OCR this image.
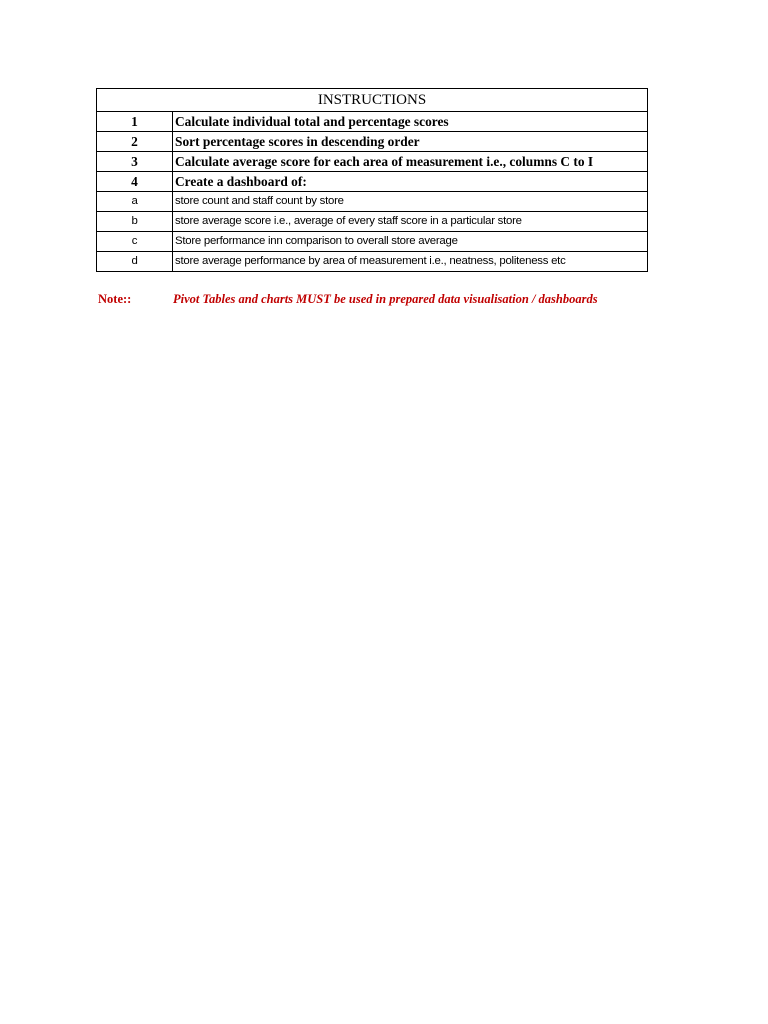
INSTRUCTIONS	
1	Calculate individual total and percentage scores
2	Sort percentage scores in descending order
3	Calculate average score for each area of measurement i.e., columns C to I
4	Create a dashboard of:
a	store count and staff count by store
b	store average score i.e., average of every staff score in a particular store
c	Store performance inn comparison to overall store average
d	store average performance by area of measurement i.e., neatness, politeness etc
Note::	Pivot Tables and charts MUST be used in prepared data visualisation / dashboards
